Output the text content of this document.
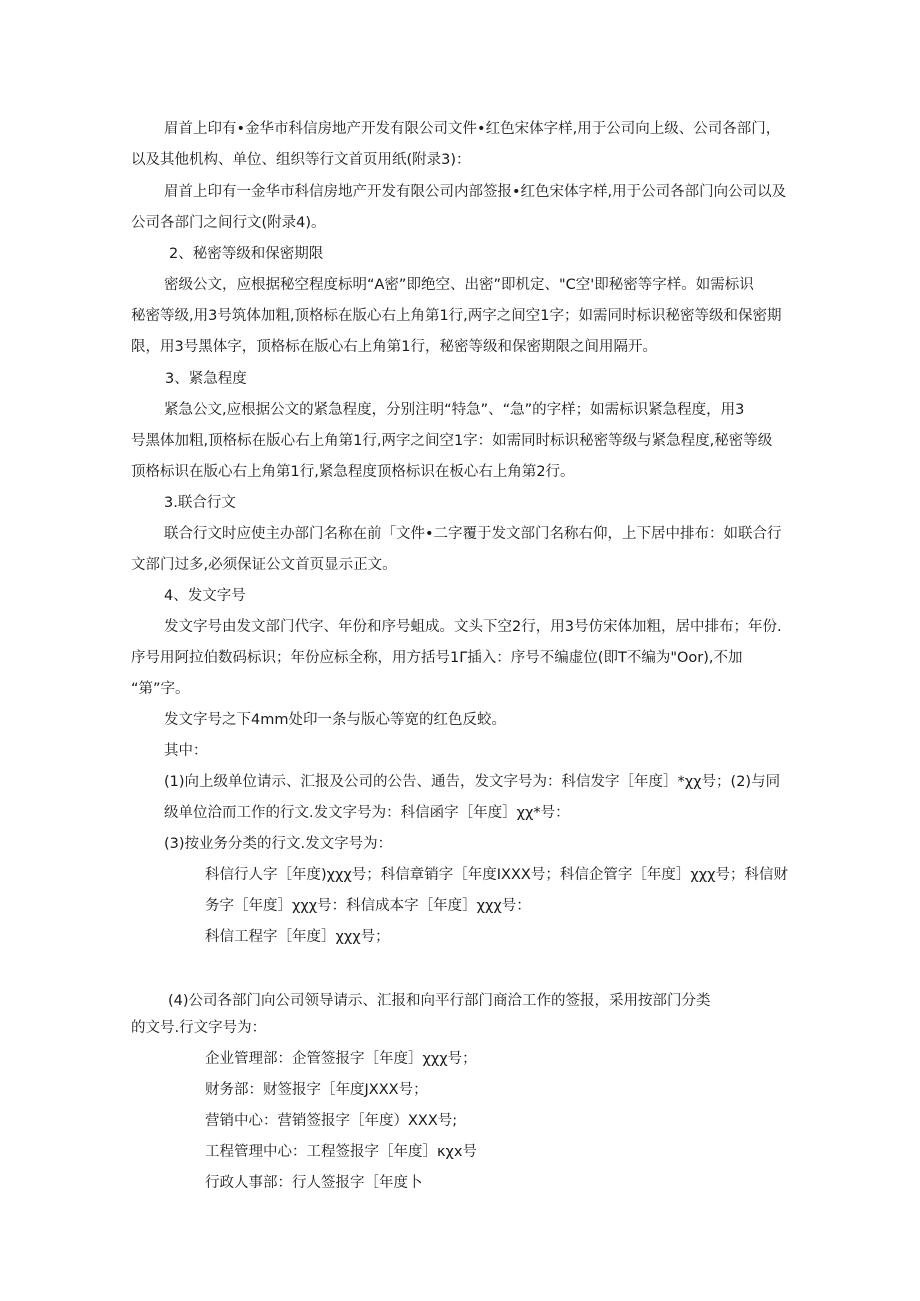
眉首上印有•金华市科信房地产开发有限公司文件•红色宋体字样,用于公司向上级、公司各部门，
以及其他机构、单位、组织等行文首页用纸(附录3)：
眉首上印有一金华市科信房地产开发有限公司内部签报•红色宋体字样,用于公司各部门向公司以及
公司各部门之间行文(附录4)。
2、秘密等级和保密期限
密级公文，应根据秘空程度标明“A密”即绝空、出密”即机定、"C空'即秘密等字样。如需标识
秘密等级,用3号筑体加粗,顶格标在版心右上角第1行,两字之间空1字；如需同时标识秘密等级和保密期
限，用3号黑体字，顶格标在版心右上角第1行，秘密等级和保密期限之间用隔开。
3、紧急程度
紧急公文,应根据公文的紧急程度，分别注明“特急”、“急”的字样；如需标识紧急程度，用3
号黑体加粗,顶格标在版心右上角第1行,两字之间空1字：如需同时标识秘密等级与紧急程度,秘密等级
顶格标识在版心右上角第1行,紧急程度顶格标识在板心右上角第2行。
3.联合行文
联合行文时应使主办部门名称在前「文件•二字覆于发文部门名称右仰，上下居中排布：如联合行
文部门过多,必须保证公文首页显示正文。
4、发文字号
发文字号由发文部门代字、年份和序号蛆成。文头下空2行，用3号仿宋体加粗，居中排布；年份.
序号用阿拉伯数码标识；年份应标全称，用方括号1Γ插入：序号不编虚位(即T不编为"Oor),不加
“第”字。
发文字号之下4mm处印一条与版心等宽的红色反蛟。
其中：
(1)向上级单位请示、汇报及公司的公告、通告，发文字号为：科信发字［年度］*χχ号；(2)与同
级单位洽而工作的行文.发文字号为：科信函字［年度］χχ*号：
(3)按业务分类的行文.发文字号为：
科信行人字［年度)χχχ号；科信章销字［年度IXXX号；科信企管字［年度］χχχ号；科信财
务字［年度］χχχ号：科信成本字［年度］χχχ号：
科信工程字［年度］χχχ号；
(4)公司各部门向公司领导请示、汇报和向平行部门商洽工作的签报，采用按部门分类
的文号.行文字号为：
企业管理部：企管签报字［年度］χχχ号；
财务部：财签报字［年度JXXX号；
营销中心：营销签报字［年度）XXX号;
工程管理中心：工程签报字［年度］κχx号
行政人事部：行人签报字［年度卜
